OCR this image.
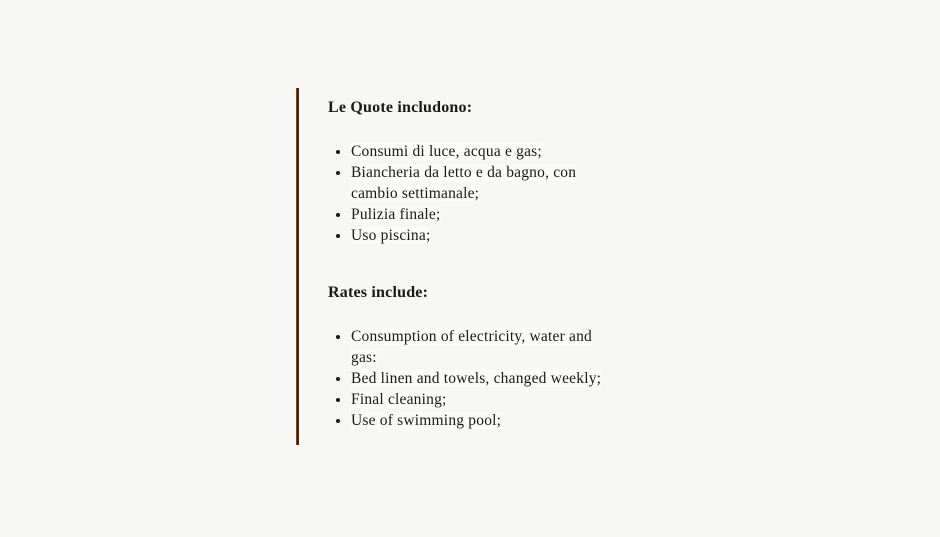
Le Quote includono:
Consumi di luce, acqua e gas;
Biancheria da letto e da bagno, con
cambio settimanale;
Pulizia finale;
Uso piscina;
Rates include:
Consumption of electricity, water and
gas:
Bed linen and towels, changed weekly;
Final cleaning;
Use of swimming pool;
